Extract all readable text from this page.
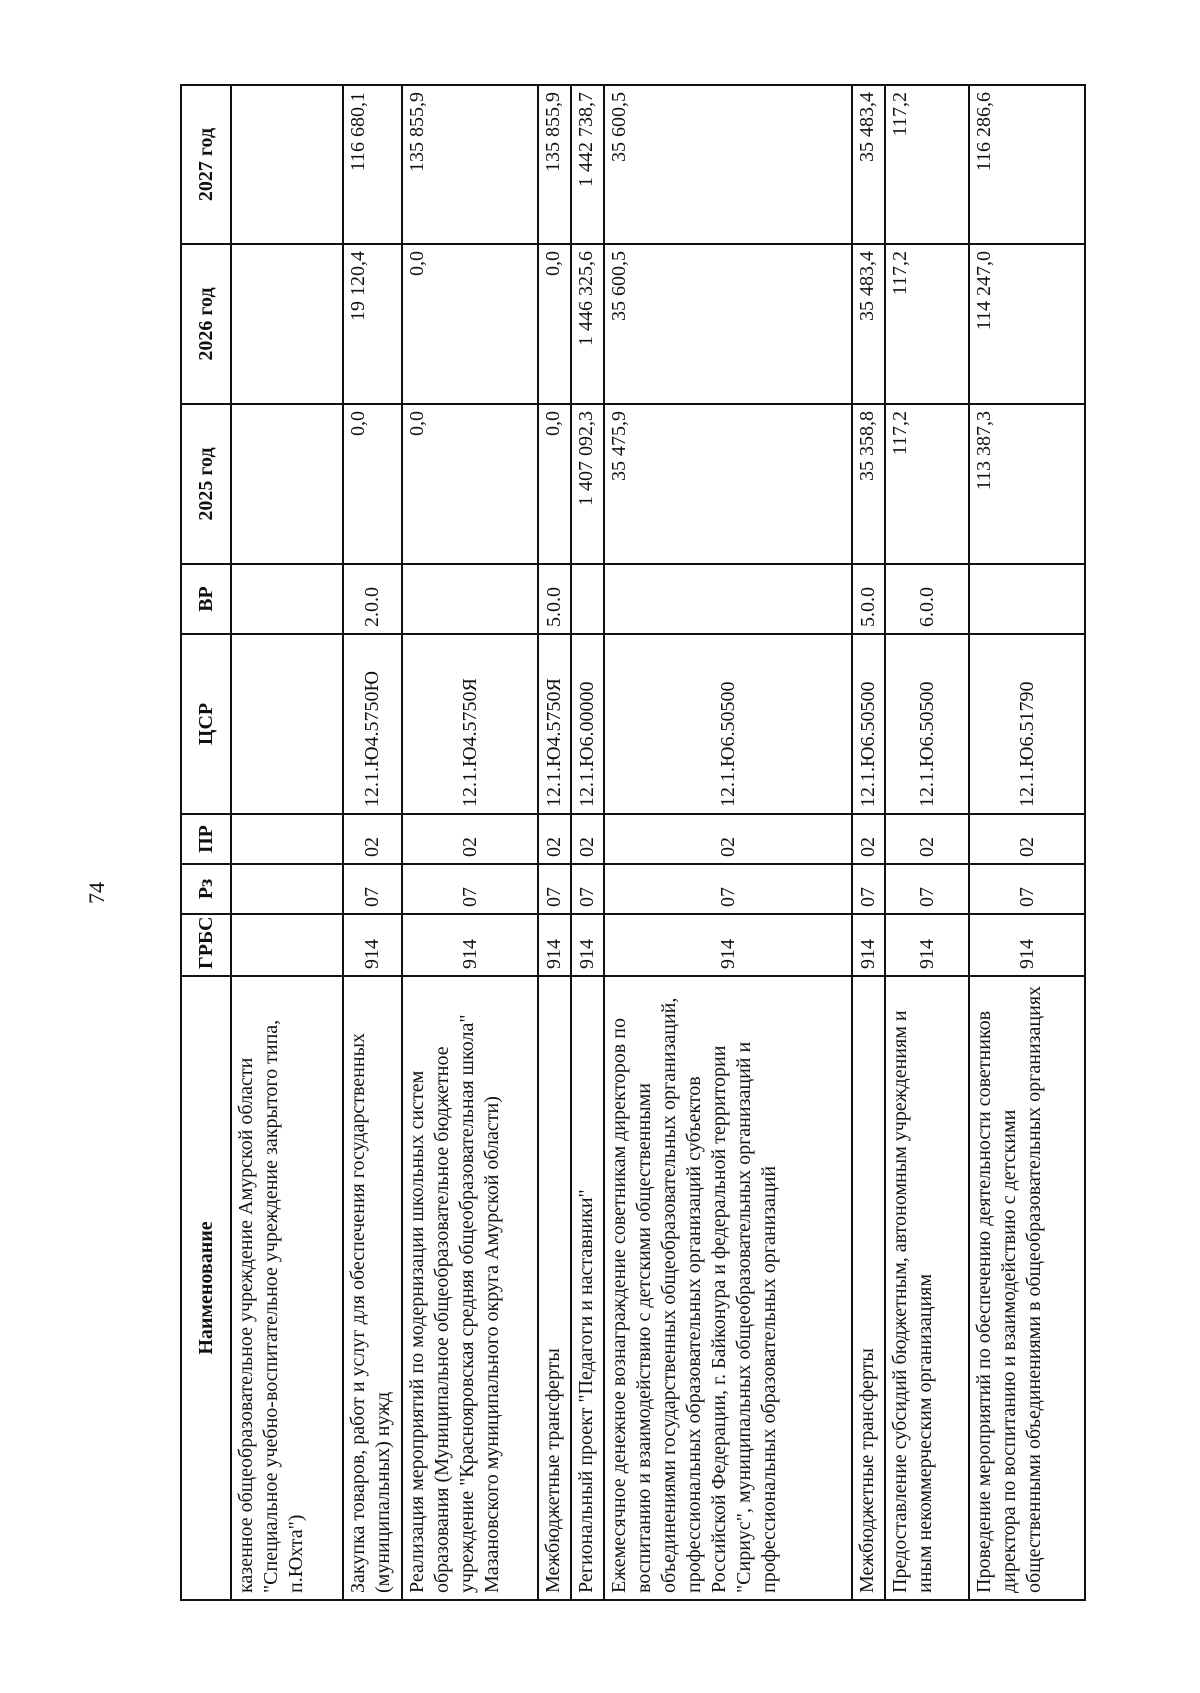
74
Наименование	ГРБС	Рз	ПР	ЦСР	ВР	2025 год	2026 год	2027 год
казенное общеобразовательное учреждение Амурской области "Специальное учебно-воспитательное учреждение закрытого типа, п.Юхта")								
Закупка товаров, работ и услуг для обеспечения государственных (муниципальных) нужд	914	07	02	12.1.Ю4.5750Ю	2.0.0	0,0	19 120,4	116 680,1
Реализация мероприятий по модернизации школьных систем образования (Муниципальное общеобразовательное бюджетное учреждение "Краснояровская средняя общеобразовательная школа" Мазановского муниципального округа Амурской области)	914	07	02	12.1.Ю4.5750Я		0,0	0,0	135 855,9
Межбюджетные трансферты	914	07	02	12.1.Ю4.5750Я	5.0.0	0,0	0,0	135 855,9
Региональный проект "Педагоги и наставники"	914	07	02	12.1.Ю6.00000		1 407 092,3	1 446 325,6	1 442 738,7
Ежемесячное денежное вознаграждение советникам директоров по воспитанию и взаимодействию с детскими общественными объединениями государственных общеобразовательных организаций, профессиональных образовательных организаций субъектов Российской Федерации, г. Байконура и федеральной территории "Сириус", муниципальных общеобразовательных организаций и профессиональных образовательных организаций	914	07	02	12.1.Ю6.50500		35 475,9	35 600,5	35 600,5
Межбюджетные трансферты	914	07	02	12.1.Ю6.50500	5.0.0	35 358,8	35 483,4	35 483,4
Предоставление субсидий бюджетным, автономным учреждениям и иным некоммерческим организациям	914	07	02	12.1.Ю6.50500	6.0.0	117,2	117,2	117,2
Проведение мероприятий по обеспечению деятельности советников директора по воспитанию и взаимодействию с детскими общественными объединениями в общеобразовательных организациях	914	07	02	12.1.Ю6.51790		113 387,3	114 247,0	116 286,6
